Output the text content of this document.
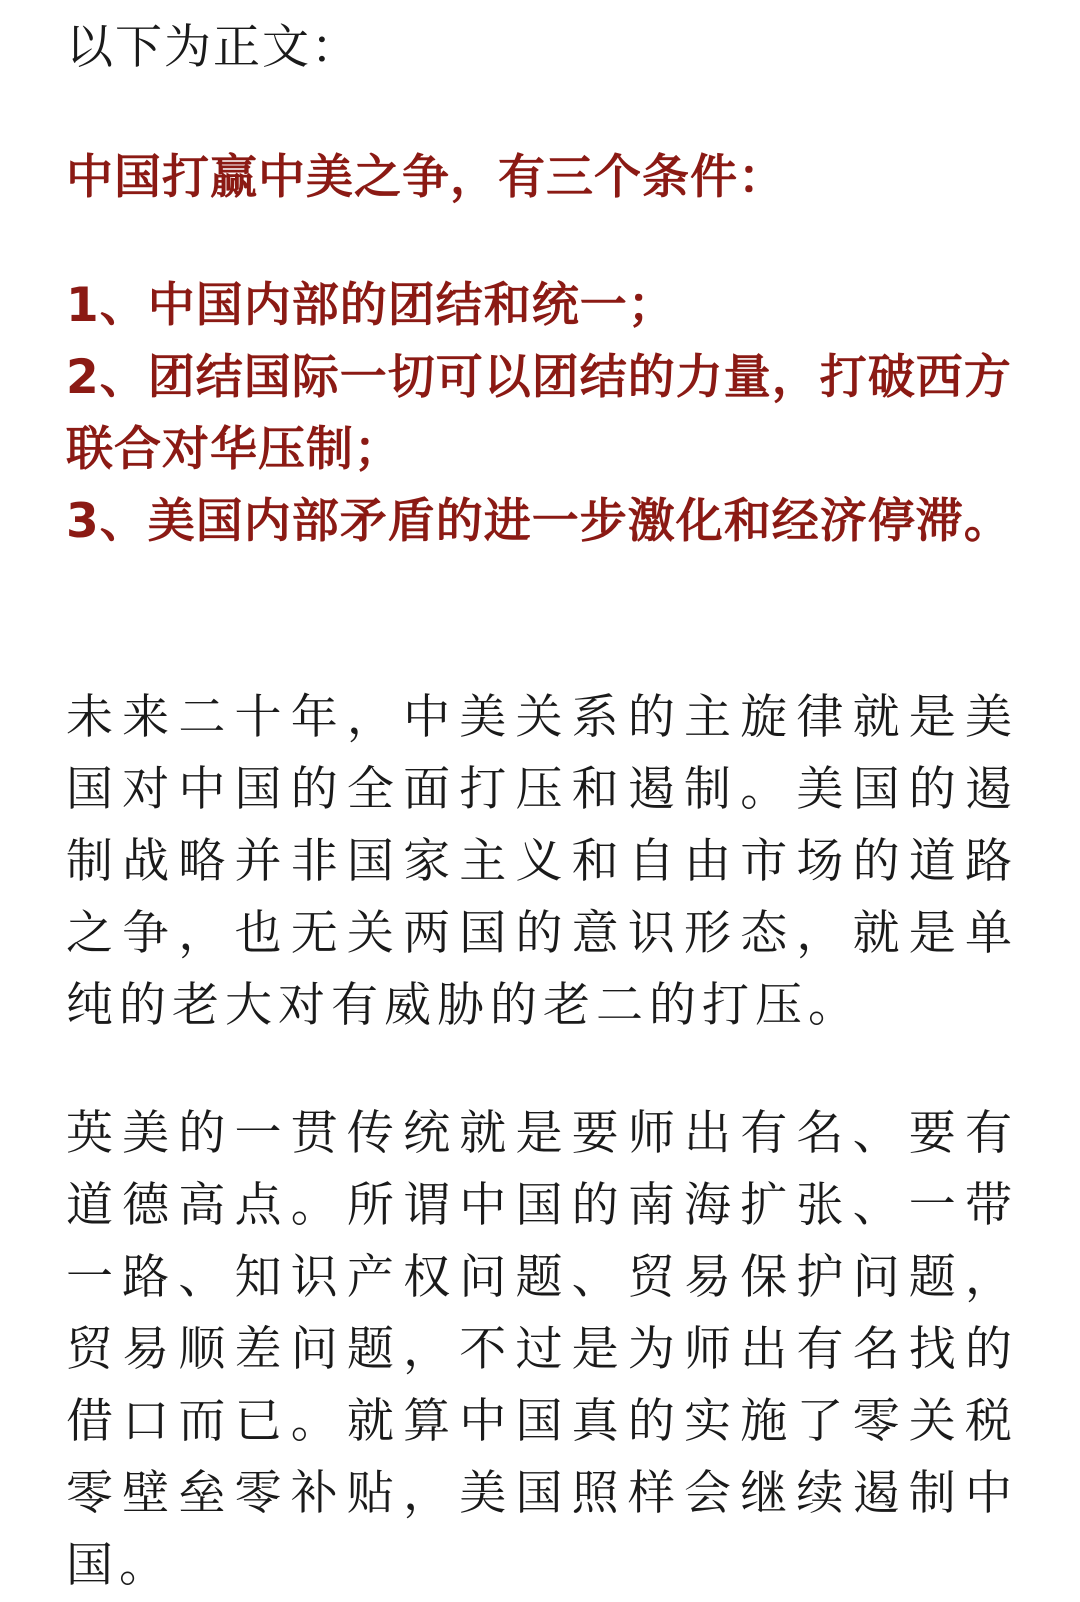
以下为正文：

中国打赢中美之争，有三个条件：

1、中国内部的团结和统一；
2、团结国际一切可以团结的力量，打破西方联合对华压制；
3、美国内部矛盾的进一步激化和经济停滞。

未来二十年，中美关系的主旋律就是美国对中国的全面打压和遏制。美国的遏制战略并非国家主义和自由市场的道路之争，也无关两国的意识形态，就是单纯的老大对有威胁的老二的打压。

英美的一贯传统就是要师出有名、要有道德高点。所谓中国的南海扩张、一带一路、知识产权问题、贸易保护问题，贸易顺差问题，不过是为师出有名找的借口而已。就算中国真的实施了零关税零壁垒零补贴，美国照样会继续遏制中国。
